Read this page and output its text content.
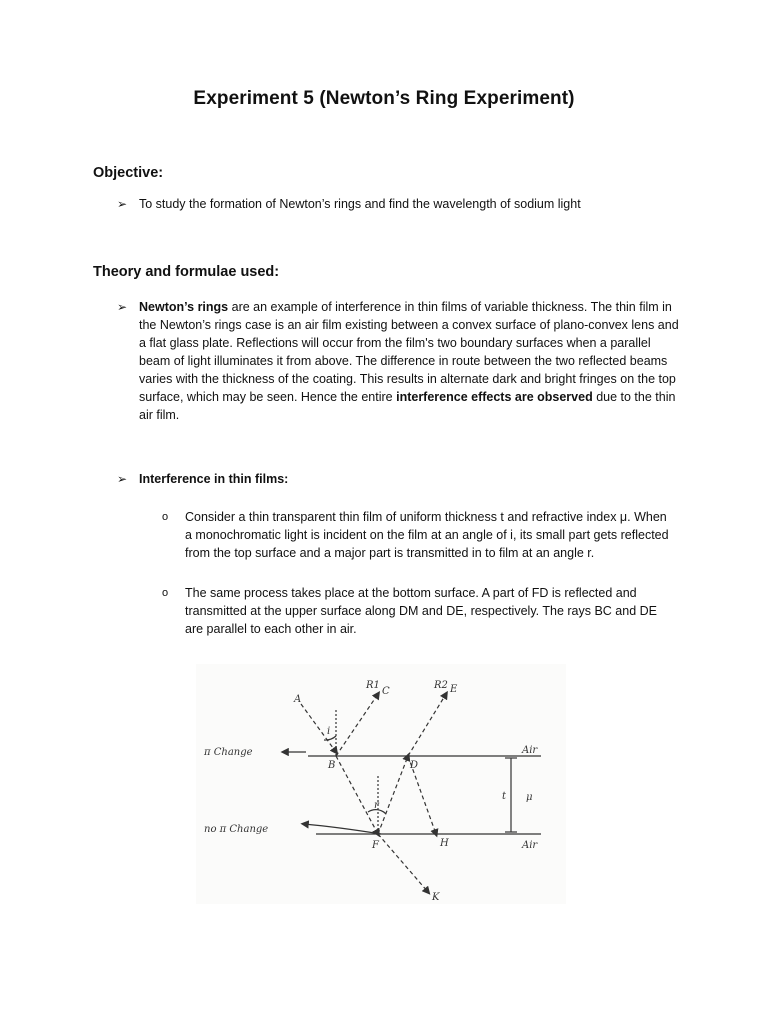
Experiment 5 (Newton’s Ring Experiment)
Objective:
➢ To study the formation of Newton’s rings and find the wavelength of sodium light
Theory and formulae used:
➢ Newton’s rings are an example of interference in thin films of variable thickness. The thin film in the Newton’s rings case is an air film existing between a convex surface of plano-convex lens and a flat glass plate. Reflections will occur from the film's two boundary surfaces when a parallel beam of light illuminates it from above. The difference in route between the two reflected beams varies with the thickness of the coating. This results in alternate dark and bright fringes on the top surface, which may be seen. Hence the entire interference effects are observed due to the thin air film.
➢ Interference in thin films:
o Consider a thin transparent thin film of uniform thickness t and refractive index μ. When a monochromatic light is incident on the film at an angle of i, its small part gets reflected from the top surface and a major part is transmitted in to film at an angle r.
o The same process takes place at the bottom surface. A part of FD is reflected and transmitted at the upper surface along DM and DE, respectively. The rays BC and DE are parallel to each other in air.
π Change
no π Change
Air
Air
μ
t
A
B
C
D
E
F	H
K
R1	R2
i
r
